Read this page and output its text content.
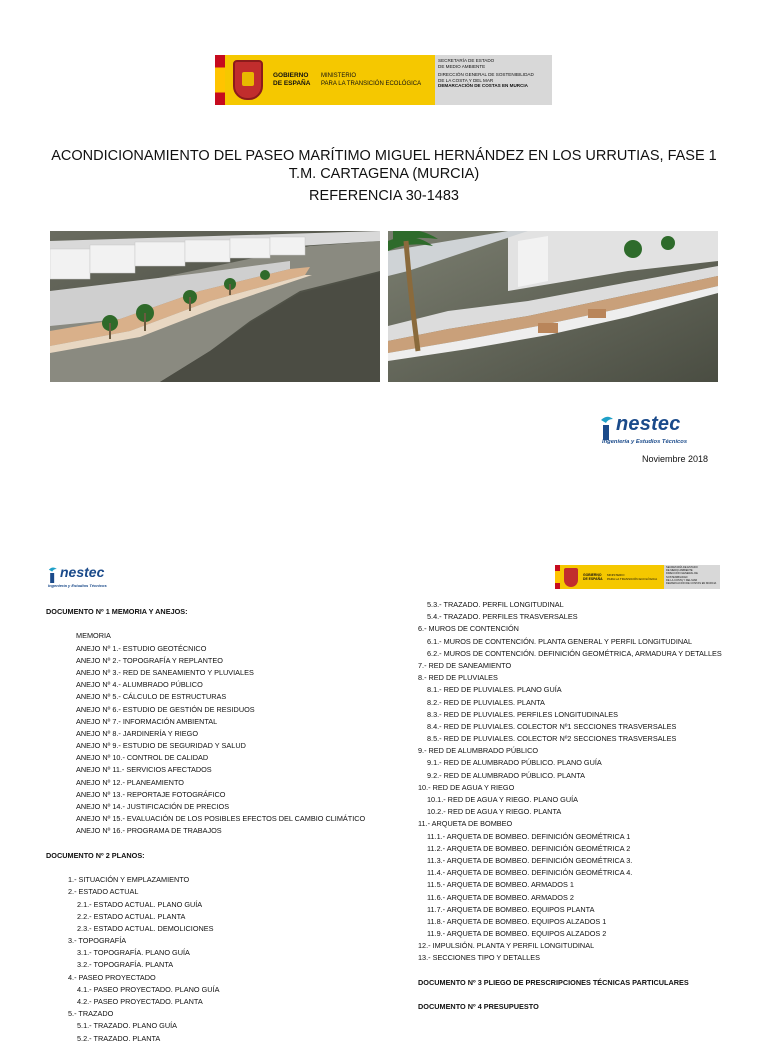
GOBIERNO
DE ESPAÑA
MINISTERIO
PARA LA TRANSICIÓN ECOLÓGICA
SECRETARÍA DE ESTADO
DE MEDIO AMBIENTE
DIRECCIÓN GENERAL DE SOSTENIBILIDAD
DE LA COSTA Y DEL MAR
DEMARCACIÓN DE COSTAS EN MURCIA
ACONDICIONAMIENTO DEL PASEO MARÍTIMO MIGUEL HERNÁNDEZ EN LOS URRUTIAS, FASE 1
T.M. CARTAGENA (MURCIA)
REFERENCIA 30-1483
nestec
Ingeniería y Estudios Técnicos
Noviembre 2018
nestec
Ingeniería y Estudios Técnicos
GOBIERNO
DE ESPAÑA
MINISTERIO
PARA LA TRANSICIÓN ECOLÓGICA
SECRETARÍA DE ESTADO
DE MEDIO AMBIENTE
DIRECCIÓN GENERAL DE SOSTENIBILIDAD
DE LA COSTA Y DEL MAR
DEMARCACIÓN DE COSTAS EN MURCIA
DOCUMENTO Nº 1 MEMORIA Y ANEJOS:
MEMORIA
ANEJO Nº 1.- ESTUDIO GEOTÉCNICO
ANEJO Nº 2.- TOPOGRAFÍA Y REPLANTEO
ANEJO Nº 3.- RED DE SANEAMIENTO Y PLUVIALES
ANEJO Nº 4.- ALUMBRADO PÚBLICO
ANEJO Nº 5.- CÁLCULO DE ESTRUCTURAS
ANEJO Nº 6.- ESTUDIO DE GESTIÓN DE RESIDUOS
ANEJO Nº 7.- INFORMACIÓN AMBIENTAL
ANEJO Nº 8.- JARDINERÍA Y RIEGO
ANEJO Nº 9.- ESTUDIO DE SEGURIDAD Y SALUD
ANEJO Nº 10.- CONTROL DE CALIDAD
ANEJO Nº 11.- SERVICIOS AFECTADOS
ANEJO Nº 12.- PLANEAMIENTO
ANEJO Nº 13.- REPORTAJE FOTOGRÁFICO
ANEJO Nº 14.- JUSTIFICACIÓN DE PRECIOS
ANEJO Nº 15.- EVALUACIÓN DE LOS POSIBLES EFECTOS DEL CAMBIO CLIMÁTICO
ANEJO Nº 16.- PROGRAMA DE TRABAJOS
DOCUMENTO Nº 2 PLANOS:
1.- SITUACIÓN Y EMPLAZAMIENTO
2.- ESTADO ACTUAL
2.1.- ESTADO ACTUAL. PLANO GUÍA
2.2.- ESTADO ACTUAL. PLANTA
2.3.- ESTADO ACTUAL. DEMOLICIONES
3.- TOPOGRAFÍA
3.1.- TOPOGRAFÍA. PLANO GUÍA
3.2.- TOPOGRAFÍA. PLANTA
4.- PASEO PROYECTADO
4.1.- PASEO PROYECTADO. PLANO GUÍA
4.2.- PASEO PROYECTADO. PLANTA
5.- TRAZADO
5.1.- TRAZADO. PLANO GUÍA
5.2.- TRAZADO. PLANTA
5.3.- TRAZADO. PERFIL LONGITUDINAL
5.4.- TRAZADO. PERFILES TRASVERSALES
6.- MUROS DE CONTENCIÓN
6.1.- MUROS DE CONTENCIÓN. PLANTA GENERAL Y PERFIL LONGITUDINAL
6.2.- MUROS DE CONTENCIÓN. DEFINICIÓN GEOMÉTRICA, ARMADURA Y DETALLES
7.- RED DE SANEAMIENTO
8.- RED DE PLUVIALES
8.1.- RED DE PLUVIALES. PLANO GUÍA
8.2.- RED DE PLUVIALES. PLANTA
8.3.- RED DE PLUVIALES. PERFILES LONGITUDINALES
8.4.- RED DE PLUVIALES. COLECTOR Nº1 SECCIONES TRASVERSALES
8.5.- RED DE PLUVIALES. COLECTOR Nº2 SECCIONES TRASVERSALES
9.- RED DE ALUMBRADO PÚBLICO
9.1.- RED DE ALUMBRADO PÚBLICO. PLANO GUÍA
9.2.- RED DE ALUMBRADO PÚBLICO. PLANTA
10.- RED DE AGUA Y RIEGO
10.1.- RED DE AGUA Y RIEGO. PLANO GUÍA
10.2.- RED DE AGUA Y RIEGO. PLANTA
11.- ARQUETA DE BOMBEO
11.1.- ARQUETA DE BOMBEO. DEFINICIÓN GEOMÉTRICA 1
11.2.- ARQUETA DE BOMBEO. DEFINICIÓN GEOMÉTRICA 2
11.3.- ARQUETA DE BOMBEO. DEFINICIÓN GEOMÉTRICA 3.
11.4.- ARQUETA DE BOMBEO. DEFINICIÓN GEOMÉTRICA 4.
11.5.- ARQUETA DE BOMBEO. ARMADOS 1
11.6.- ARQUETA DE BOMBEO. ARMADOS 2
11.7.- ARQUETA DE BOMBEO. EQUIPOS PLANTA
11.8.- ARQUETA DE BOMBEO. EQUIPOS ALZADOS 1
11.9.- ARQUETA DE BOMBEO. EQUIPOS ALZADOS 2
12.- IMPULSIÓN. PLANTA Y PERFIL LONGITUDINAL
13.- SECCIONES TIPO Y DETALLES
DOCUMENTO Nº 3 PLIEGO DE PRESCRIPCIONES TÉCNICAS PARTICULARES
DOCUMENTO Nº 4 PRESUPUESTO
